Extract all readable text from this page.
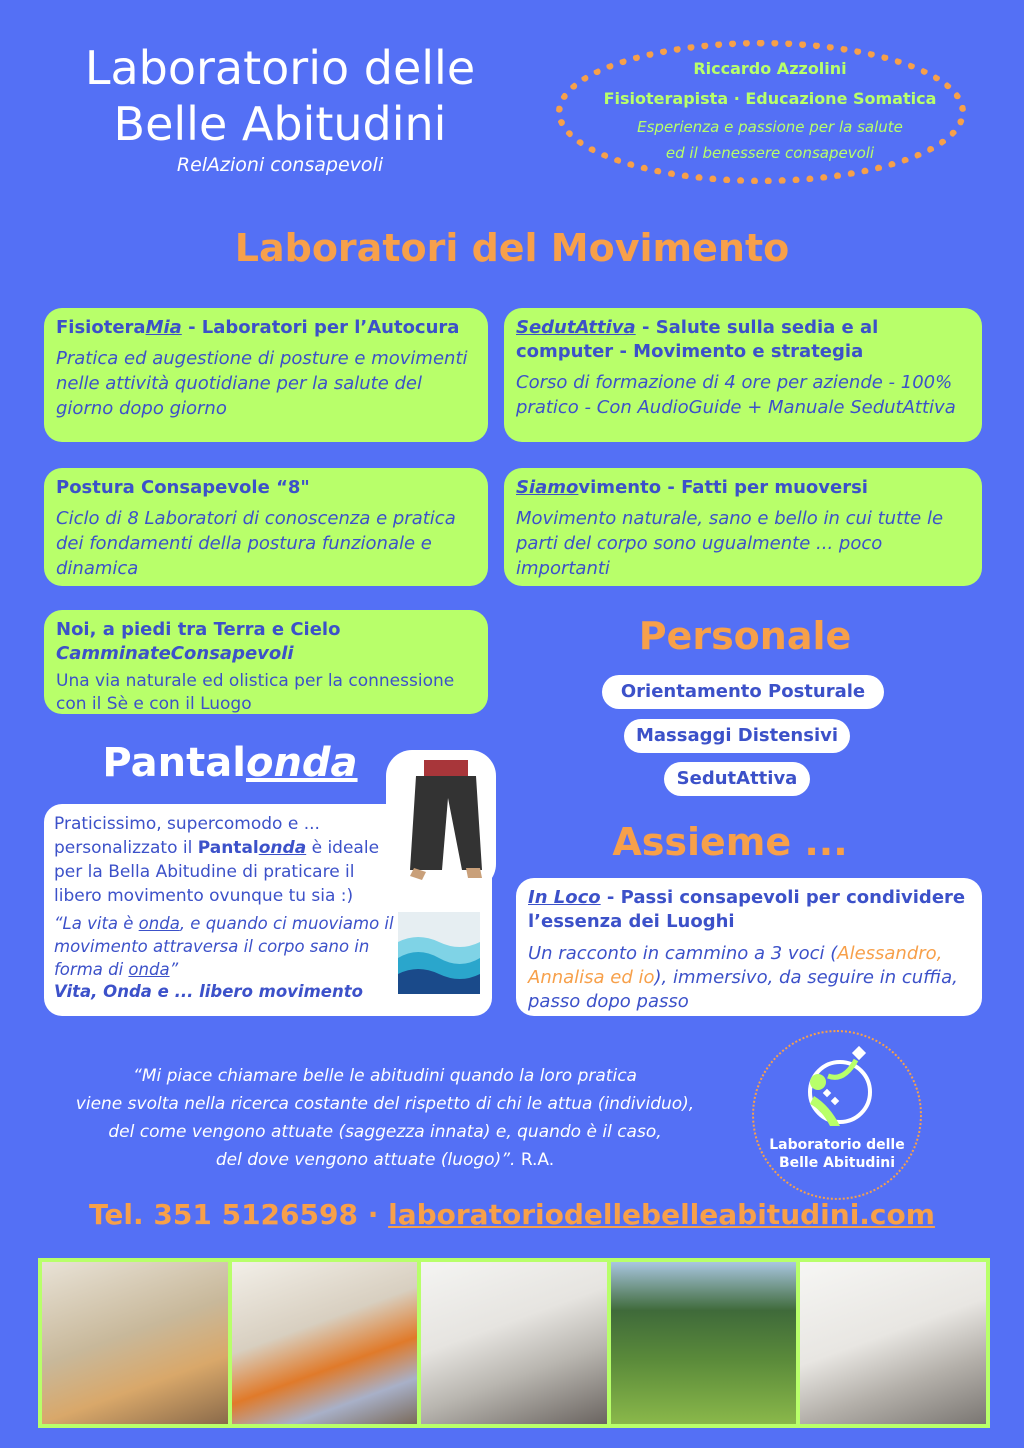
Laboratorio delle
Belle Abitudini
RelAzioni consapevoli
Riccardo Azzolini
Fisioterapista · Educazione Somatica
Esperienza e passione per la salute
ed il benessere consapevoli
Laboratori del Movimento
FisioteraMia - Laboratori per l’Autocura
Pratica ed augestione di posture e movimenti nelle attività quotidiane per la salute del giorno dopo giorno
SedutAttiva - Salute sulla sedia e al computer - Movimento e strategia
Corso di formazione di 4 ore per aziende - 100% pratico - Con AudioGuide + Manuale SedutAttiva
Postura Consapevole “8"
Ciclo di 8 Laboratori di conoscenza e pratica dei fondamenti della postura funzionale e dinamica
Siamovimento - Fatti per muoversi
Movimento naturale, sano e bello in cui tutte le parti del corpo sono ugualmente ... poco importanti
Noi, a piedi tra Terra e Cielo
CamminateConsapevoli
Una via naturale ed olistica per la connessione con il Sè e con il Luogo
Personale
Orientamento Posturale
Massaggi Distensivi
SedutAttiva
Pantalonda
Praticissimo, supercomodo e ... personalizzato il Pantalonda è ideale per la Bella Abitudine di praticare il libero movimento ovunque tu sia :)
“La vita è onda, e quando ci muoviamo il movimento attraversa il corpo sano in forma di onda”
Vita, Onda e ... libero movimento
Assieme ...
In Loco - Passi consapevoli per condividere l’essenza dei Luoghi
Un racconto in cammino a 3 voci (Alessandro, Annalisa ed io), immersivo, da seguire in cuffia, passo dopo passo
“Mi piace chiamare belle le abitudini quando la loro pratica
viene svolta nella ricerca costante del rispetto di chi le attua (individuo),
del come vengono attuate (saggezza innata) e, quando è il caso,
del dove vengono attuate (luogo)”. R.A.
Laboratorio delle
Belle Abitudini
Tel. 351 5126598 · laboratoriodellebelleabitudini.com
